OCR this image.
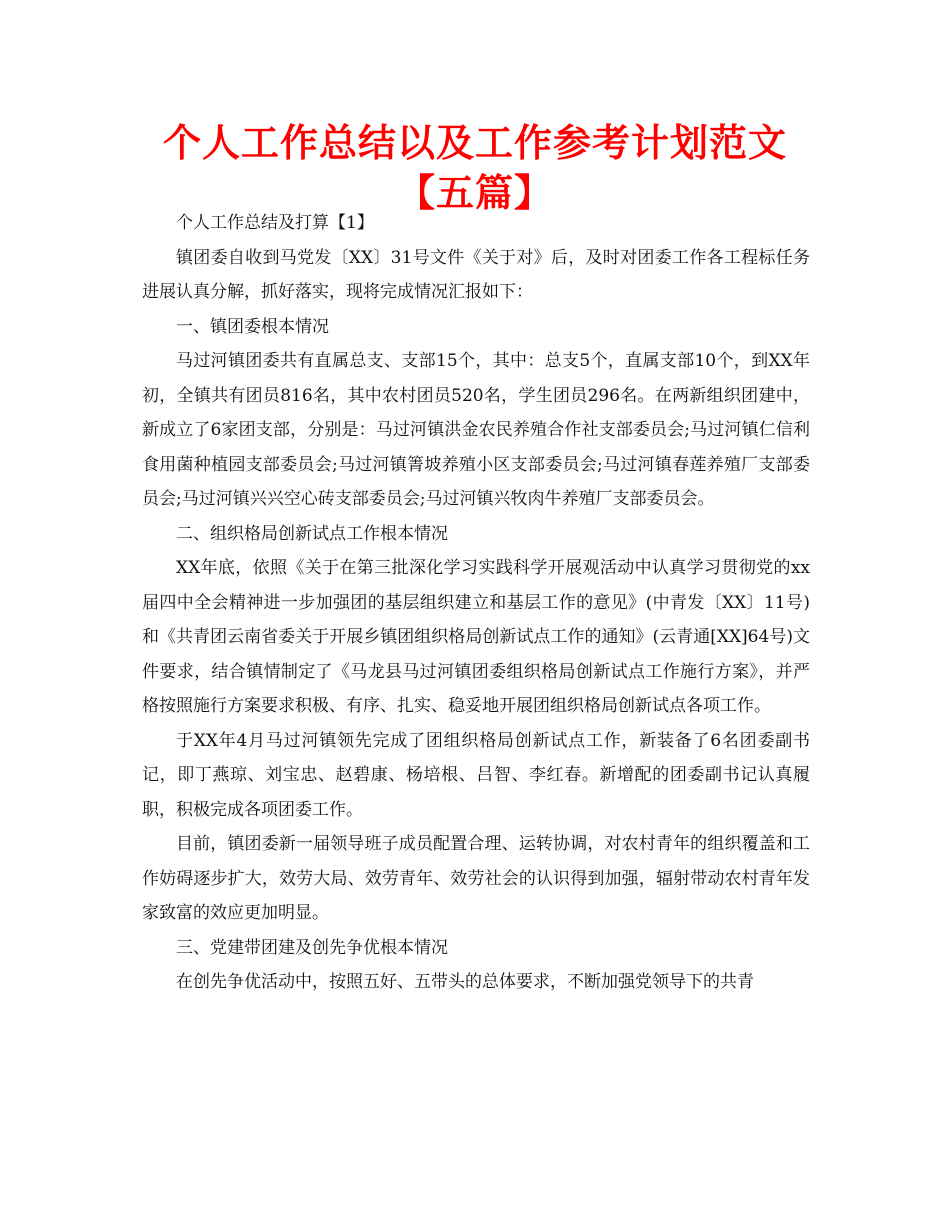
个人工作总结以及工作参考计划范文【五篇】

个人工作总结及打算【1】

镇团委自收到马党发〔XX〕31号文件《关于对》后，及时对团委工作各工程标任务进展认真分解，抓好落实，现将完成情况汇报如下：

一、镇团委根本情况

马过河镇团委共有直属总支、支部15个，其中：总支5个，直属支部10个，到XX年初，全镇共有团员816名，其中农村团员520名，学生团员296名。在两新组织团建中，新成立了6家团支部，分别是：马过河镇洪金农民养殖合作社支部委员会;马过河镇仁信利食用菌种植园支部委员会;马过河镇箐坡养殖小区支部委员会;马过河镇春莲养殖厂支部委员会;马过河镇兴兴空心砖支部委员会;马过河镇兴牧肉牛养殖厂支部委员会。

二、组织格局创新试点工作根本情况

XX年底，依照《关于在第三批深化学习实践科学开展观活动中认真学习贯彻党的xx届四中全会精神进一步加强团的基层组织建立和基层工作的意见》(中青发〔XX〕11号)和《共青团云南省委关于开展乡镇团组织格局创新试点工作的通知》(云青通[XX]64号)文件要求，结合镇情制定了《马龙县马过河镇团委组织格局创新试点工作施行方案》，并严格按照施行方案要求积极、有序、扎实、稳妥地开展团组织格局创新试点各项工作。

于XX年4月马过河镇领先完成了团组织格局创新试点工作，新装备了6名团委副书记，即丁燕琼、刘宝忠、赵碧康、杨培根、吕智、李红春。新增配的团委副书记认真履职，积极完成各项团委工作。

目前，镇团委新一届领导班子成员配置合理、运转协调，对农村青年的组织覆盖和工作妨碍逐步扩大，效劳大局、效劳青年、效劳社会的认识得到加强，辐射带动农村青年发家致富的效应更加明显。

三、党建带团建及创先争优根本情况

在创先争优活动中，按照五好、五带头的总体要求，不断加强党领导下的共青
